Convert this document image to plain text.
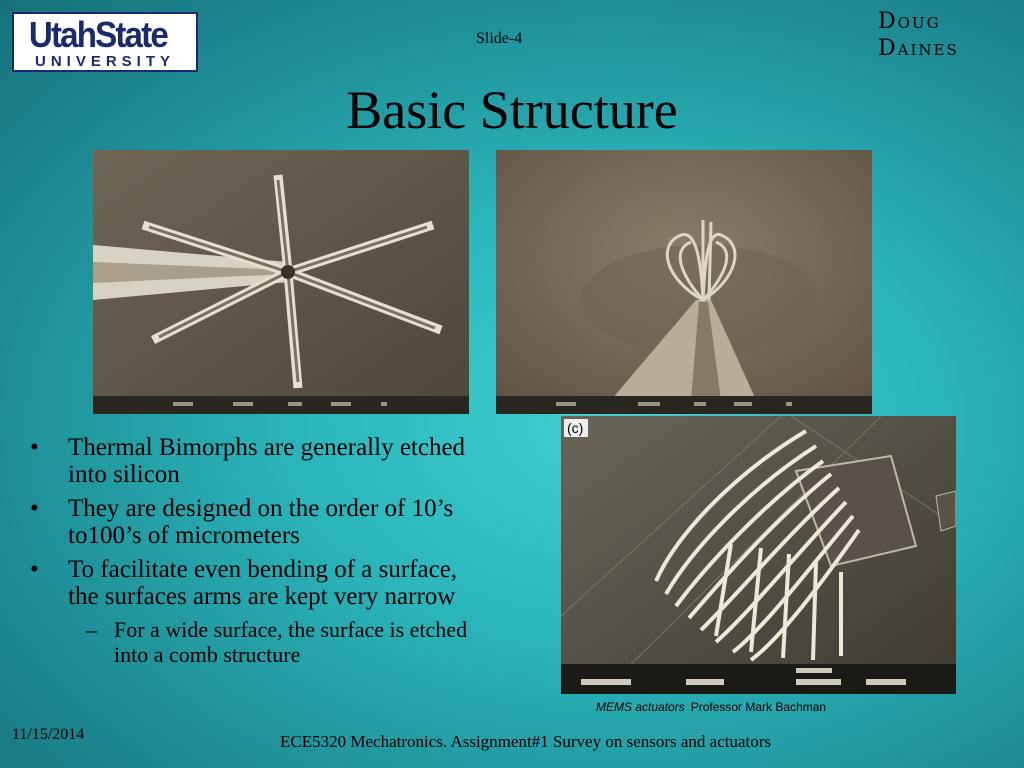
UtahState
UNIVERSITY
Slide-4
Doug
Daines
Basic Structure
(c)
• Thermal Bimorphs are generally etched into silicon
• They are designed on the order of 10’s to100’s of micrometers
• To facilitate even bending of a surface, the surfaces arms are kept very narrow
– For a wide surface, the surface is etched into a comb structure
MEMS actuators Professor Mark Bachman
11/15/2014	ECE5320 Mechatronics. Assignment#1 Survey on sensors and actuators
